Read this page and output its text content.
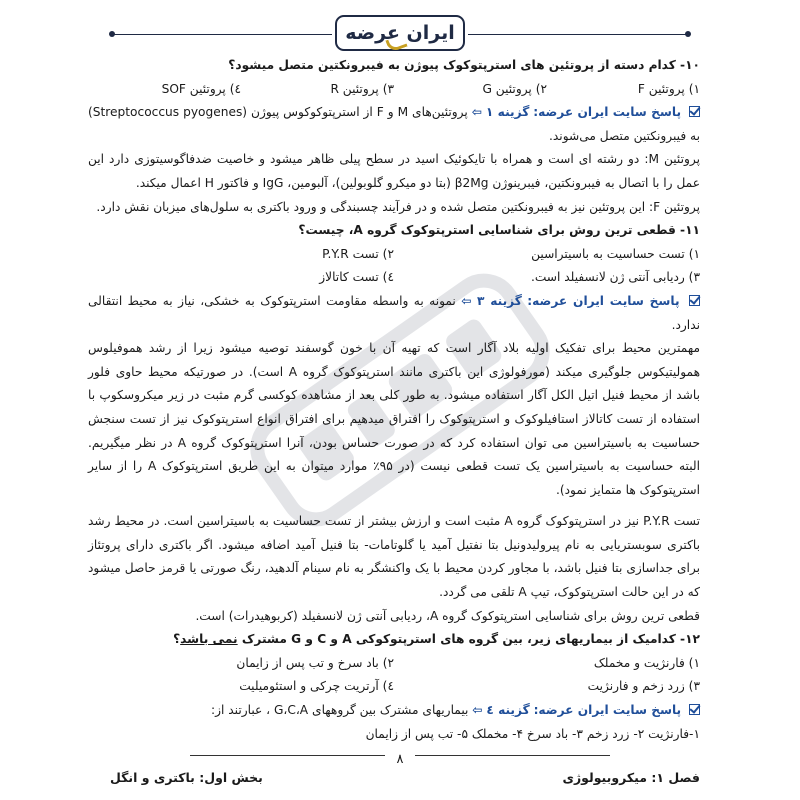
ایران عرضه

۱۰- کدام دسته از پروتئین های استرپتوکوک پیوژن به فیبرونکتین متصل میشود؟

۱) پروتئین F
۲) پروتئین G
۳) پروتئین R
٤) پروتئین SOF

پاسخ سایت ایران عرضه: گزینه ۱ ⇦ پروتئین‌های M و F از استرپتوکوکوس پیوژن (Streptococcus pyogenes) به فیبرونکتین متصل می‌شوند.

پروتئین M: دو رشته ای است و همراه با تایکوئیک اسید در سطح پیلی ظاهر میشود و خاصیت ضدفاگوسیتوزی دارد این عمل را با اتصال به فیبرونکتین، فیبرینوژن β2Mg (بتا دو میکرو گلوبولین)، آلبومین، IgG و فاکتور H اعمال میکند.

پروتئین F: این پروتئین نیز به فیبرونکتین متصل شده و در فرآیند چسبندگی و ورود باکتری به سلول‌های میزبان نقش دارد.

۱۱- قطعی ترین روش برای شناسایی استرپتوکوک گروه A، چیست؟

۱) تست حساسیت به باسیتراسین
۲) تست P.Y.R
۳) ردیابی آنتی ژن لانسفیلد است.
٤) تست کاتالاز

پاسخ سایت ایران عرضه: گزینه ۳ ⇦ نمونه به واسطه مقاومت استرپتوکوک به خشکی، نیاز به محیط انتقالی ندارد.

مهمترین محیط برای تفکیک اولیه بلاد آگار است که تهیه آن با خون گوسفند توصیه میشود زیرا از رشد هموفیلوس همولیتیکوس جلوگیری میکند (مورفولوژی این باکتری مانند استرپتوکوک گروه A است). در صورتیکه محیط حاوی فلور باشد از محیط فنیل اتیل الکل آگار استفاده میشود. به طور کلی بعد از مشاهده کوکسی گرم مثبت در زیر میکروسکوپ با استفاده از تست کاتالاز استافیلوکوک و استرپتوکوک را افتراق میدهیم برای افتراق انواع استرپتوکوک نیز از تست سنجش حساسیت به باسیتراسین می توان استفاده کرد که در صورت حساس بودن، آنرا استرپتوکوک گروه A در نظر میگیریم. البته حساسیت به باسیتراسین یک تست قطعی نیست (در ۹۵٪ موارد میتوان به این طریق استرپتوکوک A را از سایر استرپتوکوک ها متمایز نمود).

تست P.Y.R نیز در استرپتوکوک گروه A مثبت است و ارزش بیشتر از تست حساسیت به باسیتراسین است. در محیط رشد باکتری سوبستریایی به نام پیرولیدونیل بتا نفتیل آمید یا گلوتامات- بتا فنیل آمید اضافه میشود. اگر باکتری دارای پروتئاز برای جداسازی بتا فنیل باشد، با مجاور کردن محیط با یک واکنشگر به نام سینام آلدهید، رنگ صورتی یا قرمز حاصل میشود که در این حالت استرپتوکوک، تیپ A تلقی می گردد.

قطعی ترین روش برای شناسایی استرپتوکوک گروه A، ردیابی آنتی ژن لانسفیلد (کربوهیدرات) است.

۱۲- کدامیک از بیماریهای زیر، بین گروه های استرپتوکوکی A و C و G مشترک نمی باشد؟

۱) فارنژیت و مخملک
۲) باد سرخ و تب پس از زایمان
۳) زرد زخم و فارنژیت
٤) آرتریت چرکی و استئومیلیت

پاسخ سایت ایران عرضه: گزینه ٤ ⇦ بیماریهای مشترک بین گروههای G،C،A ، عبارتند از:

۱-فارنژیت ۲- زرد زخم ۳- باد سرخ ۴- مخملک ۵- تب پس از زایمان

۸
فصل ۱: میکروبیولوژی
بخش اول: باکتری و انگل
